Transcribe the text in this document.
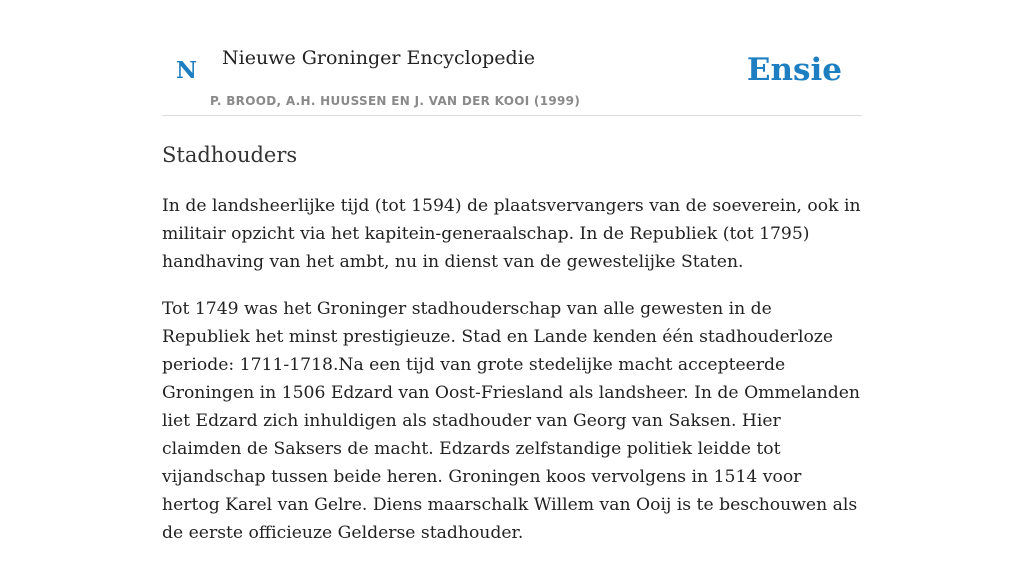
N Nieuwe Groninger Encyclopedie
P. BROOD, A.H. HUUSSEN EN J. VAN DER KOOI (1999)
Ensie
Stadhouders

In de landsheerlijke tijd (tot 1594) de plaatsvervangers van de soeverein, ook in militair opzicht via het kapitein-generaalschap. In de Republiek (tot 1795) handhaving van het ambt, nu in dienst van de gewestelijke Staten.

Tot 1749 was het Groninger stadhouderschap van alle gewesten in de Republiek het minst prestigieuze. Stad en Lande kenden één stadhouderloze periode: 1711-1718.Na een tijd van grote stedelijke macht accepteerde Groningen in 1506 Edzard van Oost-Friesland als landsheer. In de Ommelanden liet Edzard zich inhuldigen als stadhouder van Georg van Saksen. Hier claimden de Saksers de macht. Edzards zelfstandige politiek leidde tot vijandschap tussen beide heren. Groningen koos vervolgens in 1514 voor hertog Karel van Gelre. Diens maarschalk Willem van Ooij is te beschouwen als de eerste officieuze Gelderse stadhouder.
